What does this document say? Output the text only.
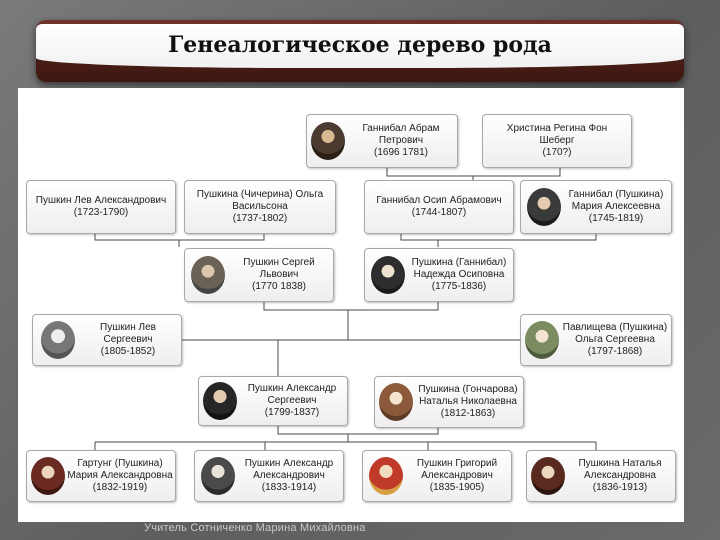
Генеалогическое дерево рода
Ганнибал Абрам Петрович
(1696 1781)
Христина Регина Фон Шеберг
(170?)
Пушкин Лев Александрович
(1723-1790)
Пушкина (Чичерина) Ольга Васильсона
(1737-1802)
Ганнибал Осип Абрамович
(1744-1807)
Ганнибал (Пушкина) Мария Алексеевна
(1745-1819)
Пушкин Сергей Львович
(1770 1838)
Пушкина (Ганнибал) Надежда Осиповна
(1775-1836)
Пушкин Лев Сергеевич
(1805-1852)
Павлищева (Пушкина) Ольга Сергеевна
(1797-1868)
Пушкин Александр Сергеевич
(1799-1837)
Пушкина (Гончарова) Наталья Николаевна
(1812-1863)
Гартунг (Пушкина) Мария Александровна
(1832-1919)
Пушкин Александр Александрович
(1833-1914)
Пушкин Григорий Александрович
(1835-1905)
Пушкина Наталья Александровна
(1836-1913)
Учитель Сотниченко Марина Михайловна
